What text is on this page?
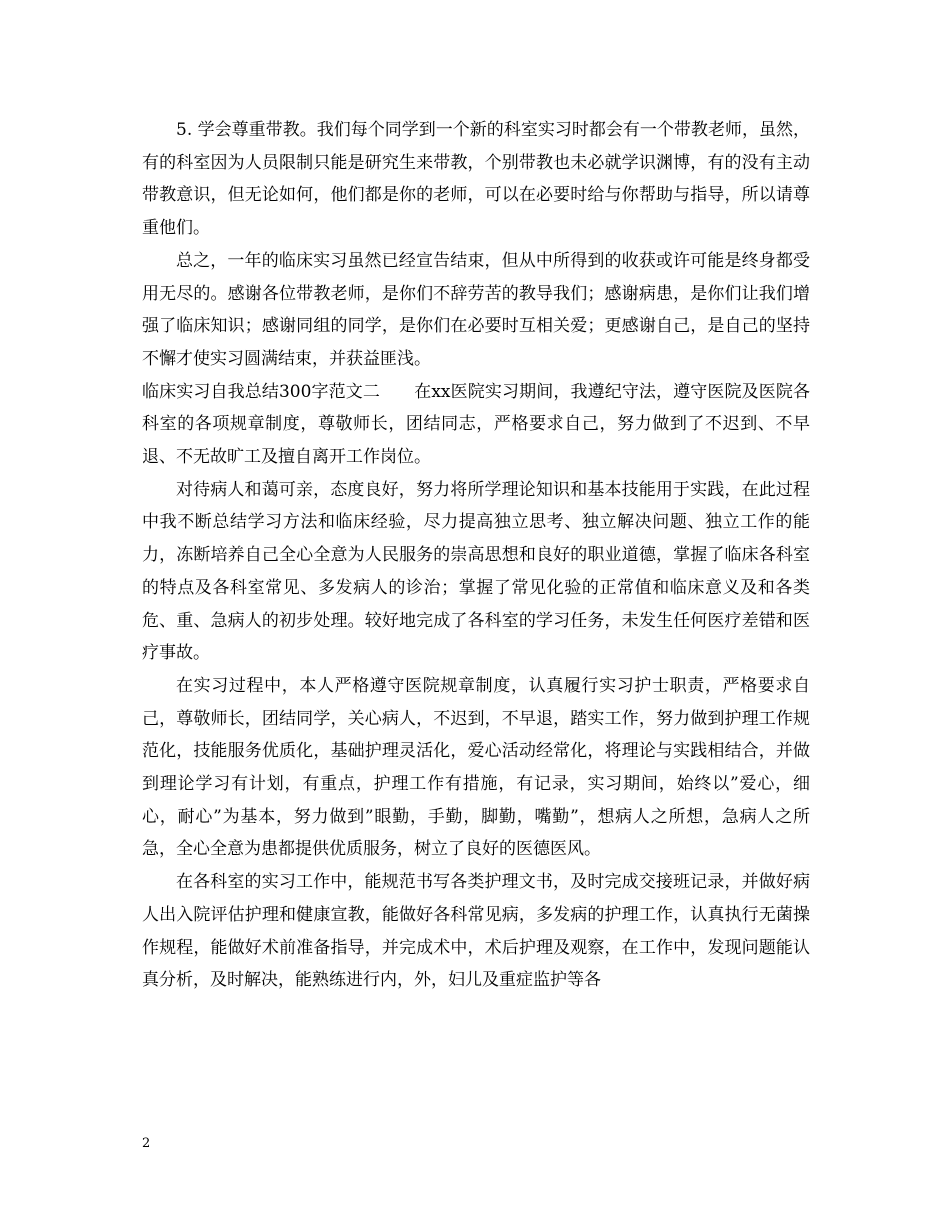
5. 学会尊重带教。我们每个同学到一个新的科室实习时都会有一个带教老师，虽然，有的科室因为人员限制只能是研究生来带教，个别带教也未必就学识渊博，有的没有主动带教意识，但无论如何，他们都是你的老师，可以在必要时给与你帮助与指导，所以请尊重他们。

总之，一年的临床实习虽然已经宣告结束，但从中所得到的收获或许可能是终身都受用无尽的。感谢各位带教老师，是你们不辞劳苦的教导我们；感谢病患，是你们让我们增强了临床知识；感谢同组的同学，是你们在必要时互相关爱；更感谢自己，是自己的坚持不懈才使实习圆满结束，并获益匪浅。

临床实习自我总结300字范文二　　在xx医院实习期间，我遵纪守法，遵守医院及医院各科室的各项规章制度，尊敬师长，团结同志，严格要求自己，努力做到了不迟到、不早退、不无故旷工及擅自离开工作岗位。

对待病人和蔼可亲，态度良好，努力将所学理论知识和基本技能用于实践，在此过程中我不断总结学习方法和临床经验，尽力提高独立思考、独立解决问题、独立工作的能力，冻断培养自己全心全意为人民服务的崇高思想和良好的职业道德，掌握了临床各科室的特点及各科室常见、多发病人的诊治；掌握了常见化验的正常值和临床意义及和各类危、重、急病人的初步处理。较好地完成了各科室的学习任务，未发生任何医疗差错和医疗事故。

在实习过程中，本人严格遵守医院规章制度，认真履行实习护士职责，严格要求自己，尊敬师长，团结同学，关心病人，不迟到，不早退，踏实工作，努力做到护理工作规范化，技能服务优质化，基础护理灵活化，爱心活动经常化，将理论与实践相结合，并做到理论学习有计划，有重点，护理工作有措施，有记录，实习期间，始终以”爱心，细心，耐心”为基本，努力做到”眼勤，手勤，脚勤，嘴勤”，想病人之所想，急病人之所急，全心全意为患都提供优质服务，树立了良好的医德医风。

在各科室的实习工作中，能规范书写各类护理文书，及时完成交接班记录，并做好病人出入院评估护理和健康宣教，能做好各科常见病，多发病的护理工作，认真执行无菌操作规程，能做好术前准备指导，并完成术中，术后护理及观察，在工作中，发现问题能认真分析，及时解决，能熟练进行内，外，妇儿及重症监护等各

2
